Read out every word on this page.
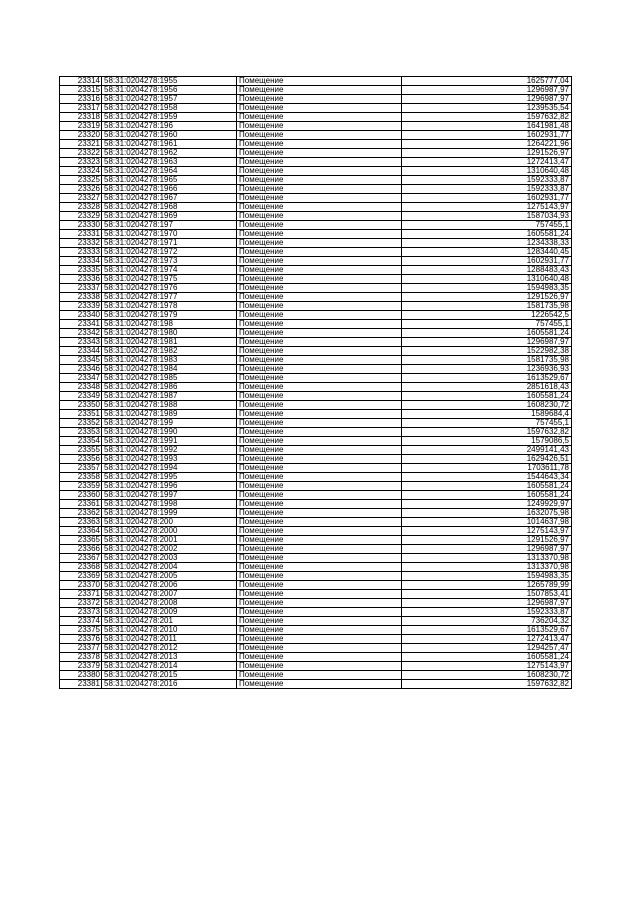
23314	58:31:0204278:1955	Помещение	1625777,04
23315	58:31:0204278:1956	Помещение	1296987,97
23316	58:31:0204278:1957	Помещение	1296987,97
23317	58:31:0204278:1958	Помещение	1239535,54
23318	58:31:0204278:1959	Помещение	1597632,82
23319	58:31:0204278:196	Помещение	1641981,48
23320	58:31:0204278:1960	Помещение	1602931,77
23321	58:31:0204278:1961	Помещение	1264221,96
23322	58:31:0204278:1962	Помещение	1291526,97
23323	58:31:0204278:1963	Помещение	1272413,47
23324	58:31:0204278:1964	Помещение	1310640,48
23325	58:31:0204278:1965	Помещение	1592333,87
23326	58:31:0204278:1966	Помещение	1592333,87
23327	58:31:0204278:1967	Помещение	1602931,77
23328	58:31:0204278:1968	Помещение	1275143,97
23329	58:31:0204278:1969	Помещение	1587034,93
23330	58:31:0204278:197	Помещение	757455,1
23331	58:31:0204278:1970	Помещение	1605581,24
23332	58:31:0204278:1971	Помещение	1234338,33
23333	58:31:0204278:1972	Помещение	1283440,45
23334	58:31:0204278:1973	Помещение	1602931,77
23335	58:31:0204278:1974	Помещение	1288483,43
23336	58:31:0204278:1975	Помещение	1310640,48
23337	58:31:0204278:1976	Помещение	1594983,35
23338	58:31:0204278:1977	Помещение	1291526,97
23339	58:31:0204278:1978	Помещение	1581735,98
23340	58:31:0204278:1979	Помещение	1226542,5
23341	58:31:0204278:198	Помещение	757455,1
23342	58:31:0204278:1980	Помещение	1605581,24
23343	58:31:0204278:1981	Помещение	1296987,97
23344	58:31:0204278:1982	Помещение	1522982,38
23345	58:31:0204278:1983	Помещение	1581735,98
23346	58:31:0204278:1984	Помещение	1236936,93
23347	58:31:0204278:1985	Помещение	1613529,67
23348	58:31:0204278:1986	Помещение	2851618,43
23349	58:31:0204278:1987	Помещение	1605581,24
23350	58:31:0204278:1988	Помещение	1608230,72
23351	58:31:0204278:1989	Помещение	1589684,4
23352	58:31:0204278:199	Помещение	757455,1
23353	58:31:0204278:1990	Помещение	1597632,82
23354	58:31:0204278:1991	Помещение	1579086,5
23355	58:31:0204278:1992	Помещение	2499141,43
23356	58:31:0204278:1993	Помещение	1629426,51
23357	58:31:0204278:1994	Помещение	1703611,78
23358	58:31:0204278:1995	Помещение	1544643,34
23359	58:31:0204278:1996	Помещение	1605581,24
23360	58:31:0204278:1997	Помещение	1605581,24
23361	58:31:0204278:1998	Помещение	1249929,97
23362	58:31:0204278:1999	Помещение	1632075,98
23363	58:31:0204278:200	Помещение	1014637,98
23364	58:31:0204278:2000	Помещение	1275143,97
23365	58:31:0204278:2001	Помещение	1291526,97
23366	58:31:0204278:2002	Помещение	1296987,97
23367	58:31:0204278:2003	Помещение	1313370,98
23368	58:31:0204278:2004	Помещение	1313370,98
23369	58:31:0204278:2005	Помещение	1594983,35
23370	58:31:0204278:2006	Помещение	1265789,99
23371	58:31:0204278:2007	Помещение	1507853,41
23372	58:31:0204278:2008	Помещение	1296987,97
23373	58:31:0204278:2009	Помещение	1592333,87
23374	58:31:0204278:201	Помещение	736204,32
23375	58:31:0204278:2010	Помещение	1613529,67
23376	58:31:0204278:2011	Помещение	1272413,47
23377	58:31:0204278:2012	Помещение	1294257,47
23378	58:31:0204278:2013	Помещение	1605581,24
23379	58:31:0204278:2014	Помещение	1275143,97
23380	58:31:0204278:2015	Помещение	1608230,72
23381	58:31:0204278:2016	Помещение	1597632,82
